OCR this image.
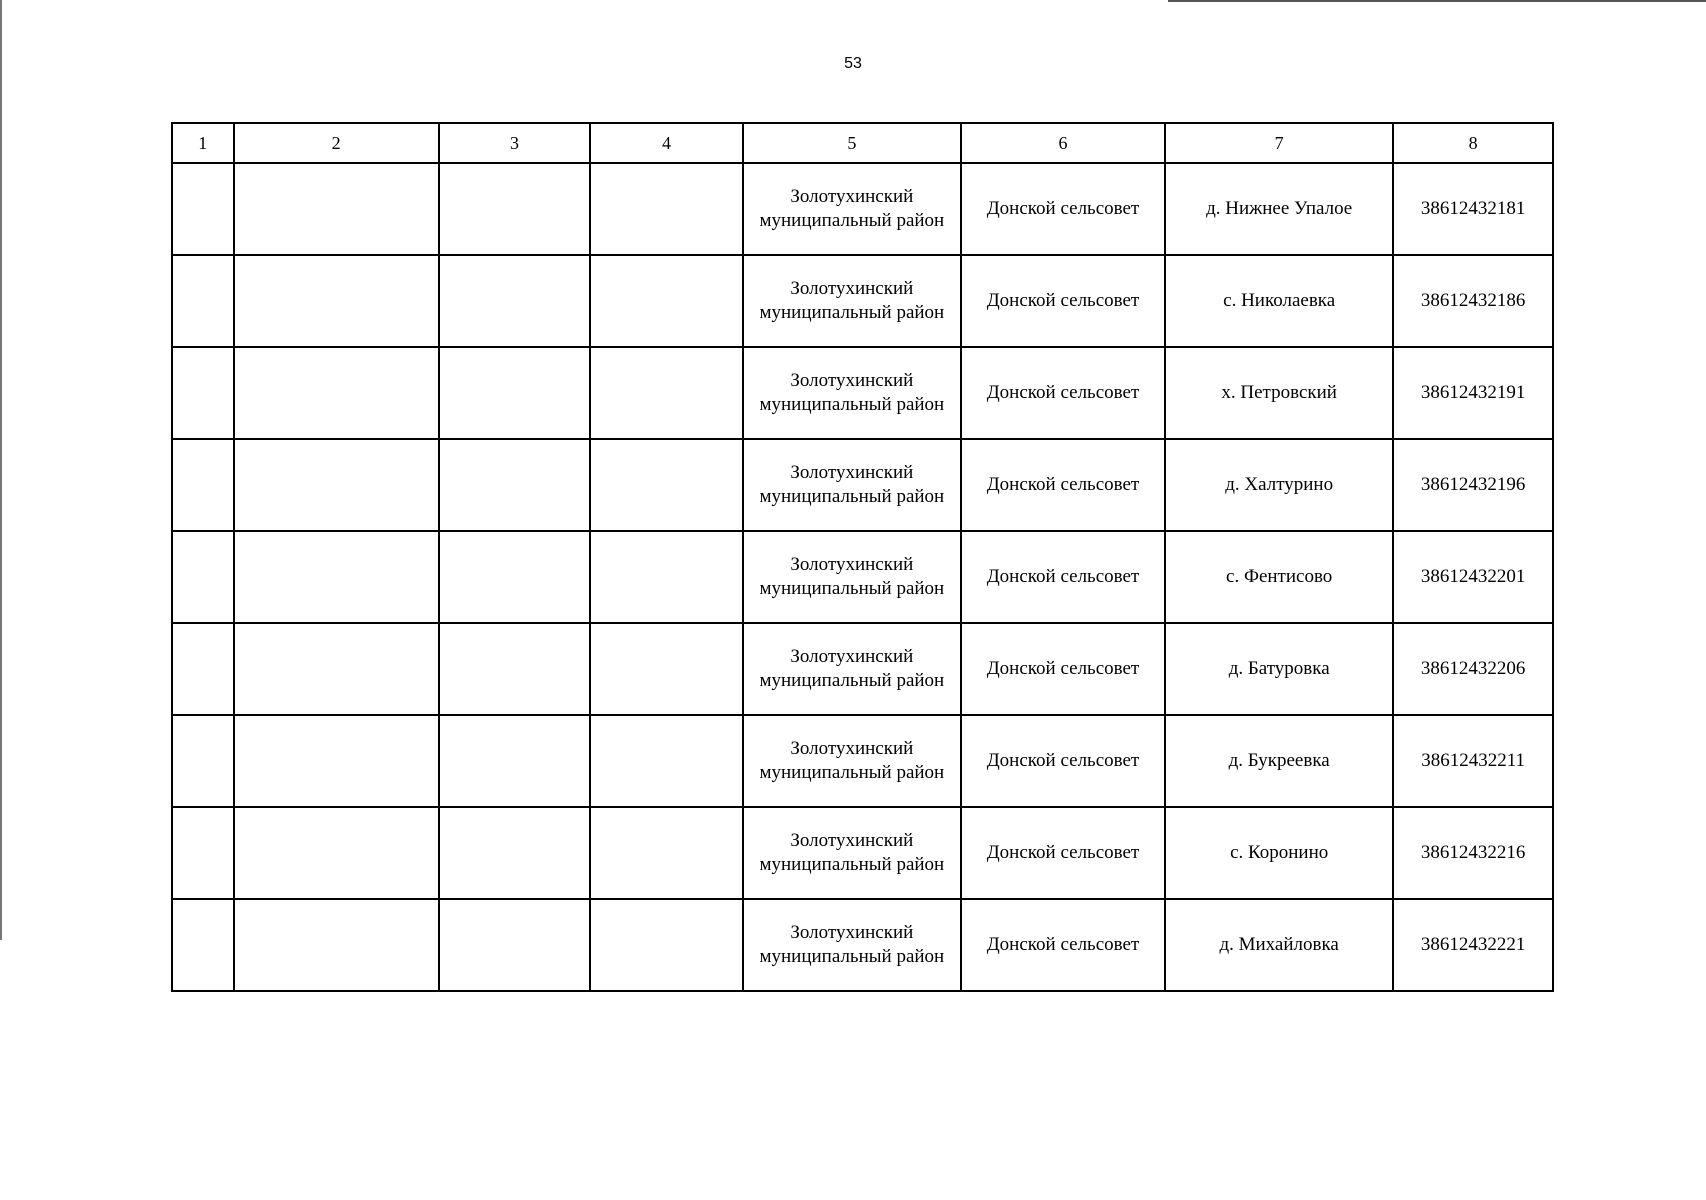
53
1	2	3	4	5	6	7	8

				Золотухинский
муниципальный район	Донской сельсовет	д. Нижнее Упалое	38612432181

				Золотухинский
муниципальный район	Донской сельсовет	с. Николаевка	38612432186

				Золотухинский
муниципальный район	Донской сельсовет	х. Петровский	38612432191

				Золотухинский
муниципальный район	Донской сельсовет	д. Халтурино	38612432196

				Золотухинский
муниципальный район	Донской сельсовет	с. Фентисово	38612432201

				Золотухинский
муниципальный район	Донской сельсовет	д. Батуровка	38612432206

				Золотухинский
муниципальный район	Донской сельсовет	д. Букреевка	38612432211

				Золотухинский
муниципальный район	Донской сельсовет	с. Коронино	38612432216

				Золотухинский
муниципальный район	Донской сельсовет	д. Михайловка	38612432221
